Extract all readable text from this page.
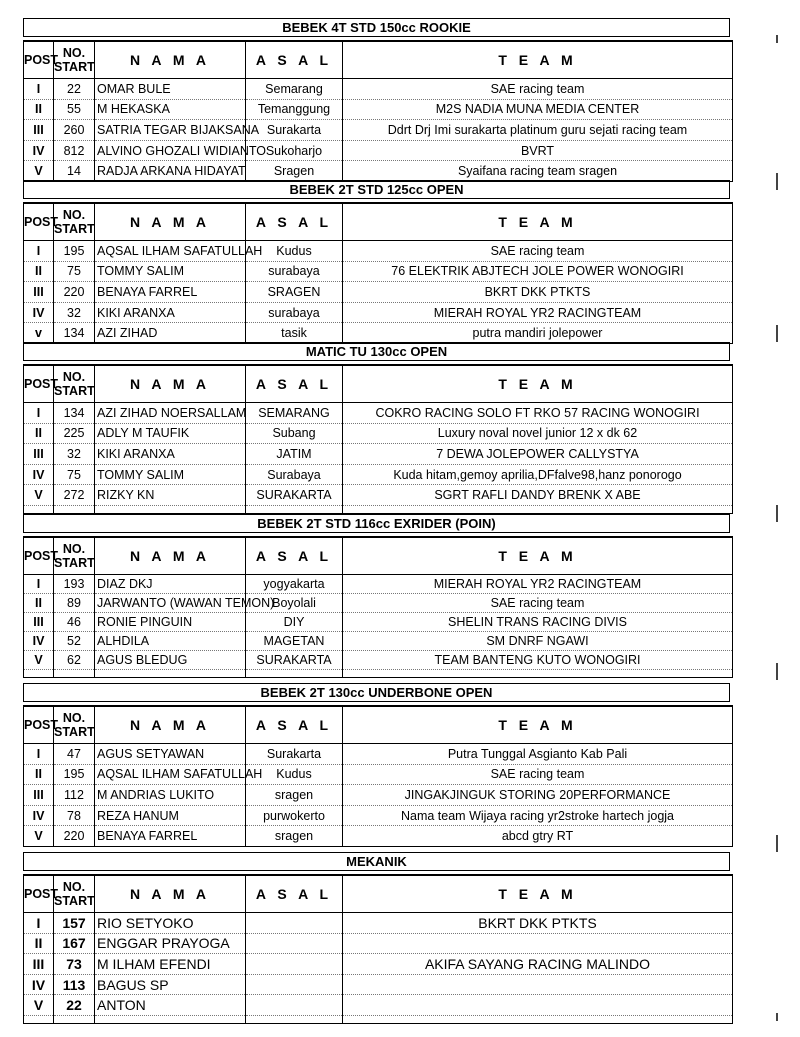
BEBEK 4T STD 150cc ROOKIE
POST	NO.
START	N A M A	A S A L	T E A M
I	22	OMAR BULE	Semarang	SAE racing team
II	55	M HEKASKA	Temanggung	M2S NADIA MUNA MEDIA CENTER
III	260	SATRIA TEGAR BIJAKSANA	Surakarta	Ddrt Drj Imi surakarta platinum guru sejati racing team
IV	812	ALVINO GHOZALI WIDIANTO	Sukoharjo	BVRT
V	14	RADJA ARKANA HIDAYAT	Sragen	Syaifana racing team sragen
BEBEK 2T STD 125cc OPEN
POST	NO.
START	N A M A	A S A L	T E A M
I	195	AQSAL ILHAM SAFATULLAH	Kudus	SAE racing team
II	75	TOMMY SALIM	surabaya	76 ELEKTRIK ABJTECH JOLE POWER WONOGIRI
III	220	BENAYA FARREL	SRAGEN	BKRT DKK PTKTS
IV	32	KIKI ARANXA	surabaya	MIERAH ROYAL YR2 RACINGTEAM
v	134	AZI ZIHAD	tasik	putra mandiri jolepower
MATIC TU 130cc OPEN
POST	NO.
START	N A M A	A S A L	T E A M
I	134	AZI ZIHAD NOERSALLAM	SEMARANG	COKRO RACING SOLO FT RKO 57 RACING WONOGIRI
II	225	ADLY M TAUFIK	Subang	Luxury noval novel junior 12 x dk 62
III	32	KIKI ARANXA	JATIM	7 DEWA JOLEPOWER CALLYSTYA
IV	75	TOMMY SALIM	Surabaya	Kuda hitam,gemoy aprilia,DFfalve98,hanz ponorogo
V	272	RIZKY KN	SURAKARTA	SGRT RAFLI DANDY BRENK X ABE

BEBEK 2T STD 116cc EXRIDER (POIN)
POST	NO.
START	N A M A	A S A L	T E A M
I	193	DIAZ DKJ	yogyakarta	MIERAH ROYAL YR2 RACINGTEAM
II	89	JARWANTO (WAWAN TEMON)	Boyolali	SAE racing team
III	46	RONIE PINGUIN	DIY	SHELIN TRANS RACING DIVIS
IV	52	ALHDILA	MAGETAN	SM DNRF NGAWI
V	62	AGUS BLEDUG	SURAKARTA	TEAM BANTENG KUTO WONOGIRI

BEBEK 2T 130cc UNDERBONE OPEN
POST	NO.
START	N A M A	A S A L	T E A M
I	47	AGUS SETYAWAN	Surakarta	Putra Tunggal Asgianto Kab Pali
II	195	AQSAL ILHAM SAFATULLAH	Kudus	SAE racing team
III	112	M ANDRIAS LUKITO	sragen	JINGAKJINGUK STORING 20PERFORMANCE
IV	78	REZA HANUM	purwokerto	Nama team Wijaya racing yr2stroke hartech jogja
V	220	BENAYA FARREL	sragen	abcd gtry RT
MEKANIK
POST	NO.
START	N A M A	A S A L	T E A M
I	157	RIO SETYOKO		BKRT DKK PTKTS
II	167	ENGGAR PRAYOGA		
III	73	M ILHAM EFENDI		AKIFA SAYANG RACING MALINDO
IV	113	BAGUS SP		
V	22	ANTON		
